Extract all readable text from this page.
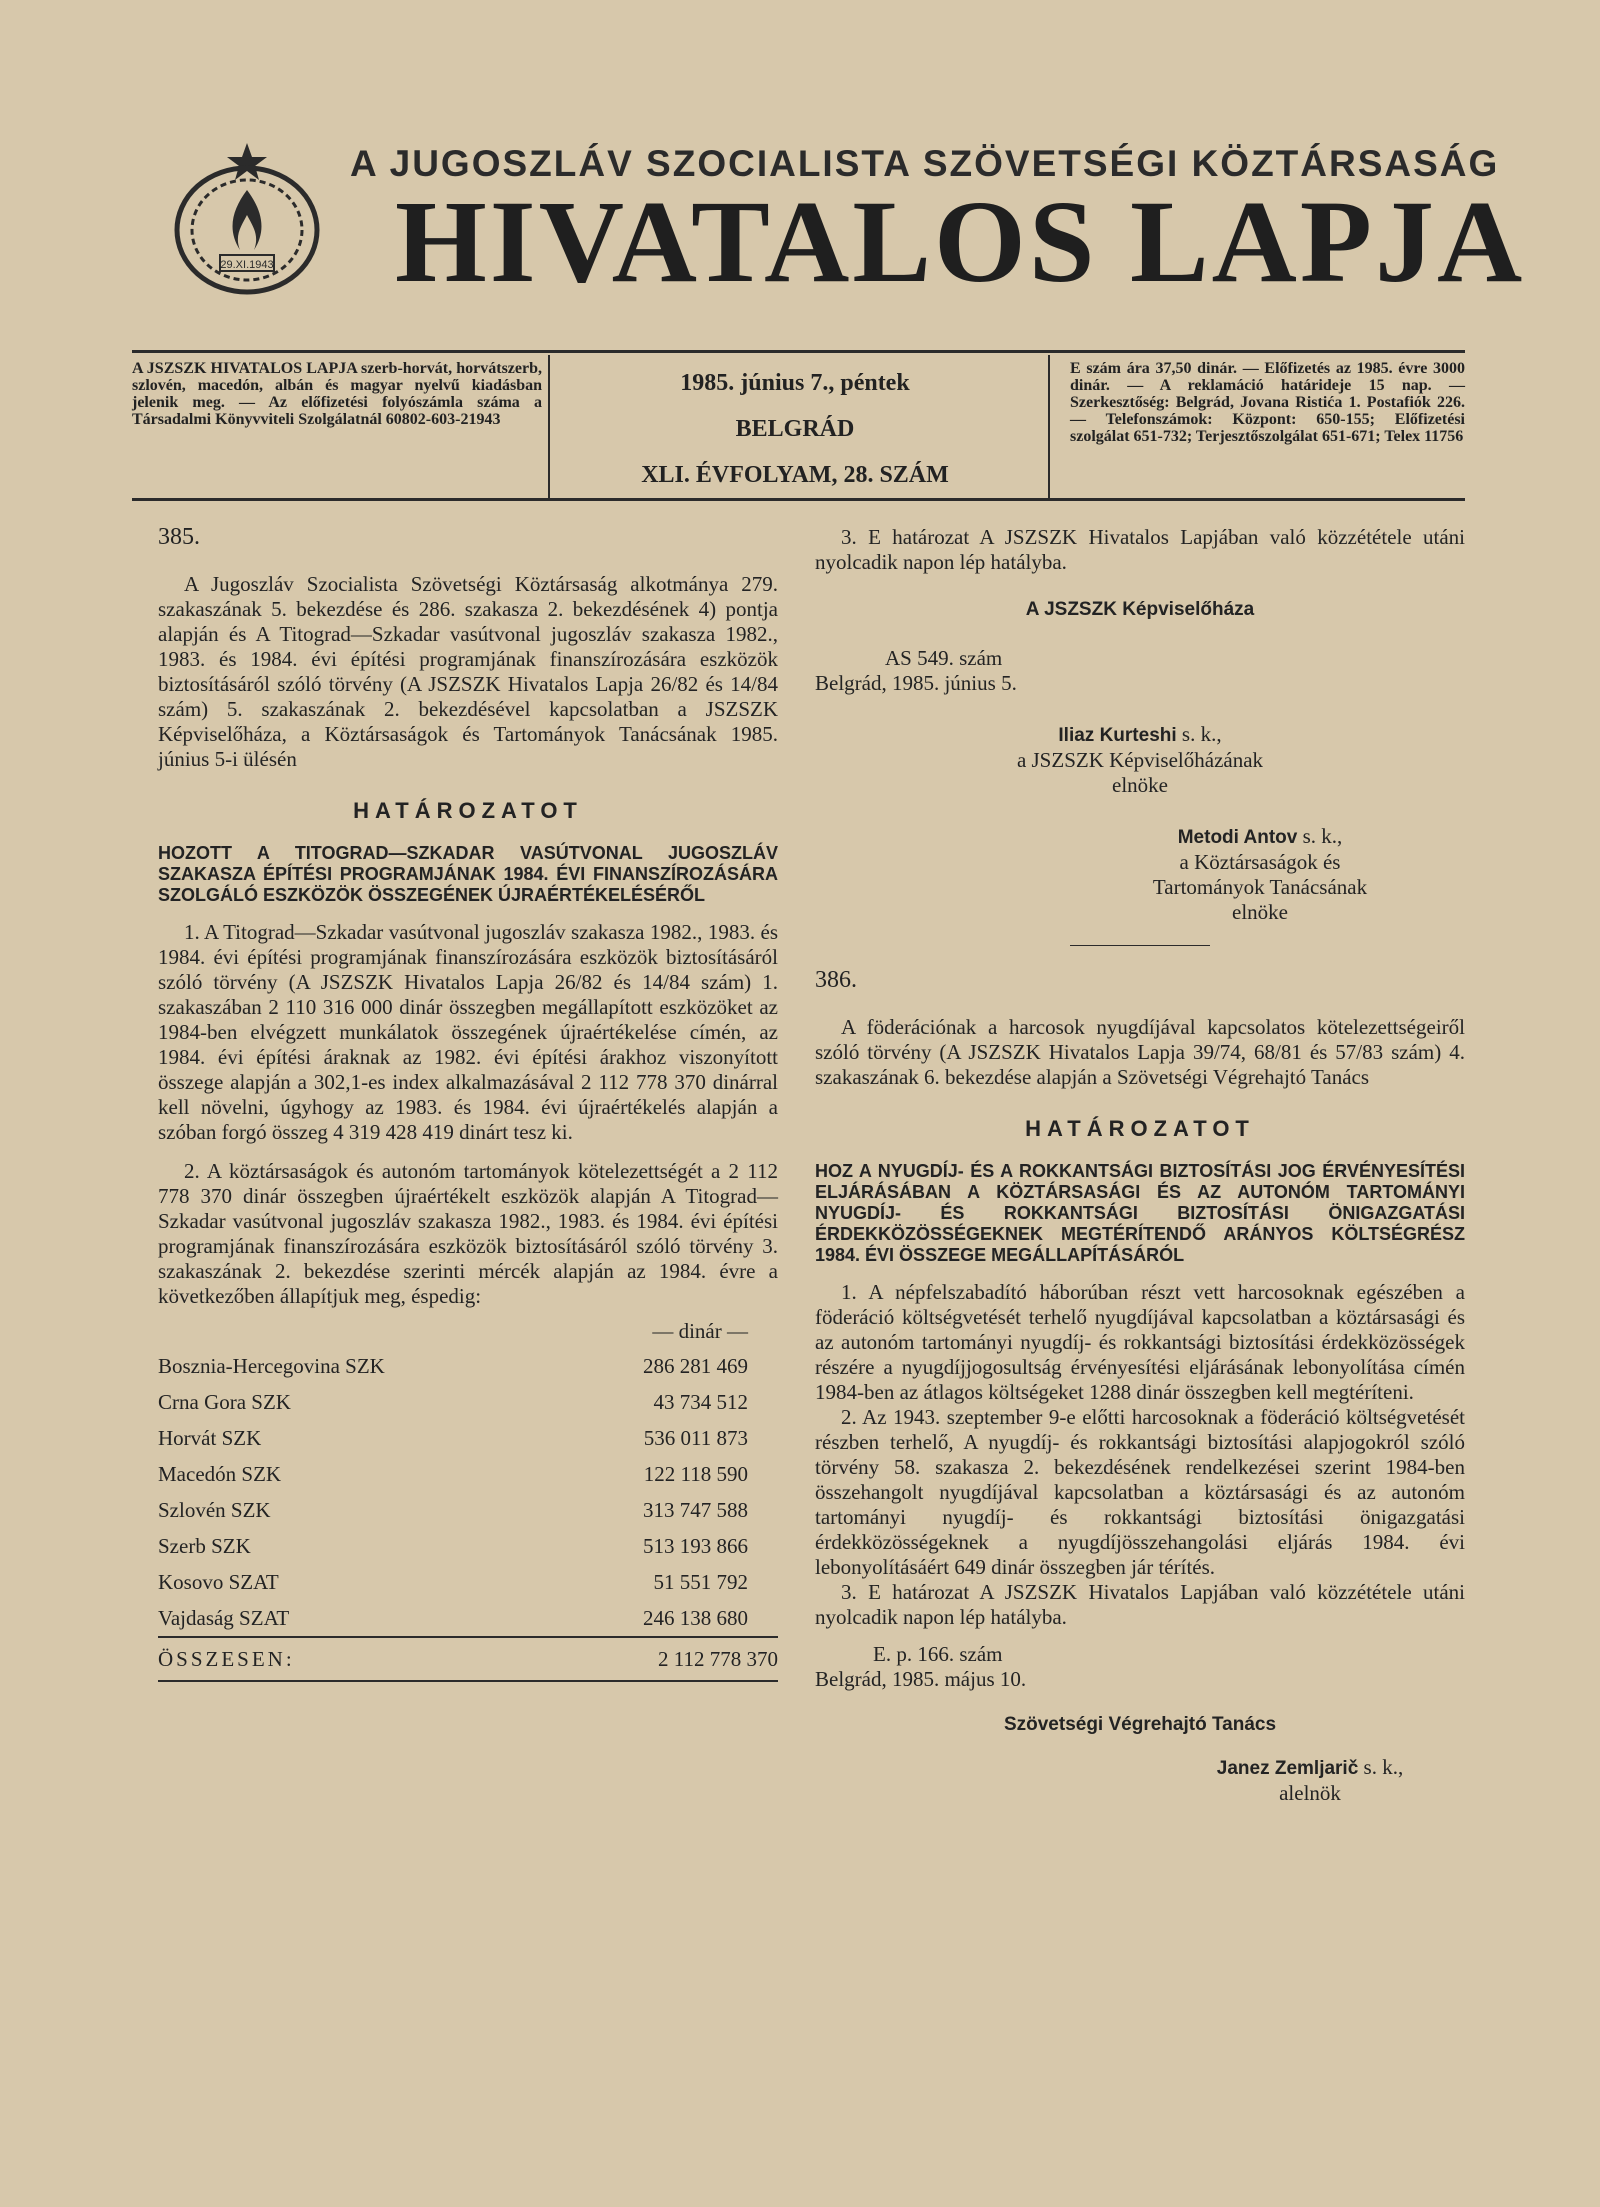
29.XI.1943
A JUGOSZLÁV SZOCIALISTA SZÖVETSÉGI KÖZTÁRSASÁG
HIVATALOS LAPJA
A JSZSZK HIVATALOS LAPJA szerb-horvát, horvátszerb, szlovén, macedón, albán és magyar nyelvű kiadásban jelenik meg. — Az előfizetési folyószámla száma a Társadalmi Könyvviteli Szolgálatnál 60802-603-21943
1985. június 7., péntek
BELGRÁD
XLI. ÉVFOLYAM, 28. SZÁM
E szám ára 37,50 dinár. — Előfizetés az 1985. évre 3000 dinár. — A reklamáció határideje 15 nap. — Szerkesztőség: Belgrád, Jovana Ristića 1. Postafiók 226. — Telefonszámok: Központ: 650-155; Előfizetési szolgálat 651-732; Terjesztőszolgálat 651-671; Telex 11756
385.

A Jugoszláv Szocialista Szövetségi Köztársaság alkotmánya 279. szakaszának 5. bekezdése és 286. szakasza 2. bekezdésének 4) pontja alapján és A Titograd—Szkadar vasútvonal jugoszláv szakasza 1982., 1983. és 1984. évi építési programjának finanszírozására eszközök biztosításáról szóló törvény (A JSZSZK Hivatalos Lapja 26/82 és 14/84 szám) 5. szakaszának 2. bekezdésével kapcsolatban a JSZSZK Képviselőháza, a Köztársaságok és Tartományok Tanácsának 1985. június 5-i ülésén

HATÁROZATOT

HOZOTT A TITOGRAD—SZKADAR VASÚTVONAL JUGOSZLÁV SZAKASZA ÉPÍTÉSI PROGRAMJÁNAK 1984. ÉVI FINANSZÍROZÁSÁRA SZOLGÁLÓ ESZKÖZÖK ÖSSZEGÉNEK ÚJRAÉRTÉKELÉSÉRŐL

1. A Titograd—Szkadar vasútvonal jugoszláv szakasza 1982., 1983. és 1984. évi építési programjának finanszírozására eszközök biztosításáról szóló törvény (A JSZSZK Hivatalos Lapja 26/82 és 14/84 szám) 1. szakaszában 2 110 316 000 dinár összegben megállapított eszközöket az 1984-ben elvégzett munkálatok összegének újraértékelése címén, az 1984. évi építési áraknak az 1982. évi építési árakhoz viszonyított összege alapján a 302,1-es index alkalmazásával 2 112 778 370 dinárral kell növelni, úgyhogy az 1983. és 1984. évi újraértékelés alapján a szóban forgó összeg 4 319 428 419 dinárt tesz ki.

2. A köztársaságok és autonóm tartományok kötelezettségét a 2 112 778 370 dinár összegben újraértékelt eszközök alapján A Titograd—Szkadar vasútvonal jugoszláv szakasza 1982., 1983. és 1984. évi építési programjának finanszírozására eszközök biztosításáról szóló törvény 3. szakaszának 2. bekezdése szerinti mércék alapján az 1984. évre a következőben állapítjuk meg, éspedig:

— dinár —
Bosznia-Hercegovina SZK	286 281 469
Crna Gora SZK	43 734 512
Horvát SZK	536 011 873
Macedón SZK	122 118 590
Szlovén SZK	313 747 588
Szerb SZK	513 193 866
Kosovo SZAT	51 551 792
Vajdaság SZAT	246 138 680
ÖSSZESEN:	2 112 778 370

3. E határozat A JSZSZK Hivatalos Lapjában való közzététele utáni nyolcadik napon lép hatályba.

A JSZSZK Képviselőháza
AS 549. szám
Belgrád, 1985. június 5.
Iliaz Kurteshi s. k.,
a JSZSZK Képviselőházának
elnöke
Metodi Antov s. k.,
a Köztársaságok és
Tartományok Tanácsának
elnöke
386.

A föderációnak a harcosok nyugdíjával kapcsolatos kötelezettségeiről szóló törvény (A JSZSZK Hivatalos Lapja 39/74, 68/81 és 57/83 szám) 4. szakaszának 6. bekezdése alapján a Szövetségi Végrehajtó Tanács

HATÁROZATOT

HOZ A NYUGDÍJ- ÉS A ROKKANTSÁGI BIZTOSÍTÁSI JOG ÉRVÉNYESÍTÉSI ELJÁRÁSÁBAN A KÖZTÁRSASÁGI ÉS AZ AUTONÓM TARTOMÁNYI NYUGDÍJ- ÉS ROKKANTSÁGI BIZTOSÍTÁSI ÖNIGAZGATÁSI ÉRDEKKÖZÖSSÉGEKNEK MEGTÉRÍTENDŐ ARÁNYOS KÖLTSÉGRÉSZ 1984. ÉVI ÖSSZEGE MEGÁLLAPÍTÁSÁRÓL

1. A népfelszabadító háborúban részt vett harcosoknak egészében a föderáció költségvetését terhelő nyugdíjával kapcsolatban a köztársasági és az autonóm tartományi nyugdíj- és rokkantsági biztosítási érdekközösségek részére a nyugdíjjogosultság érvényesítési eljárásának lebonyolítása címén 1984-ben az átlagos költségeket 1288 dinár összegben kell megtéríteni.

2. Az 1943. szeptember 9-e előtti harcosoknak a föderáció költségvetését részben terhelő, A nyugdíj- és rokkantsági biztosítási alapjogokról szóló törvény 58. szakasza 2. bekezdésének rendelkezései szerint 1984-ben összehangolt nyugdíjával kapcsolatban a köztársasági és az autonóm tartományi nyugdíj- és rokkantsági biztosítási önigazgatási érdekközösségeknek a nyugdíjösszehangolási eljárás 1984. évi lebonyolításáért 649 dinár összegben jár térítés.

3. E határozat A JSZSZK Hivatalos Lapjában való közzététele utáni nyolcadik napon lép hatályba.

E. p. 166. szám
Belgrád, 1985. május 10.
Szövetségi Végrehajtó Tanács
Janez Zemljarič s. k.,
alelnök
